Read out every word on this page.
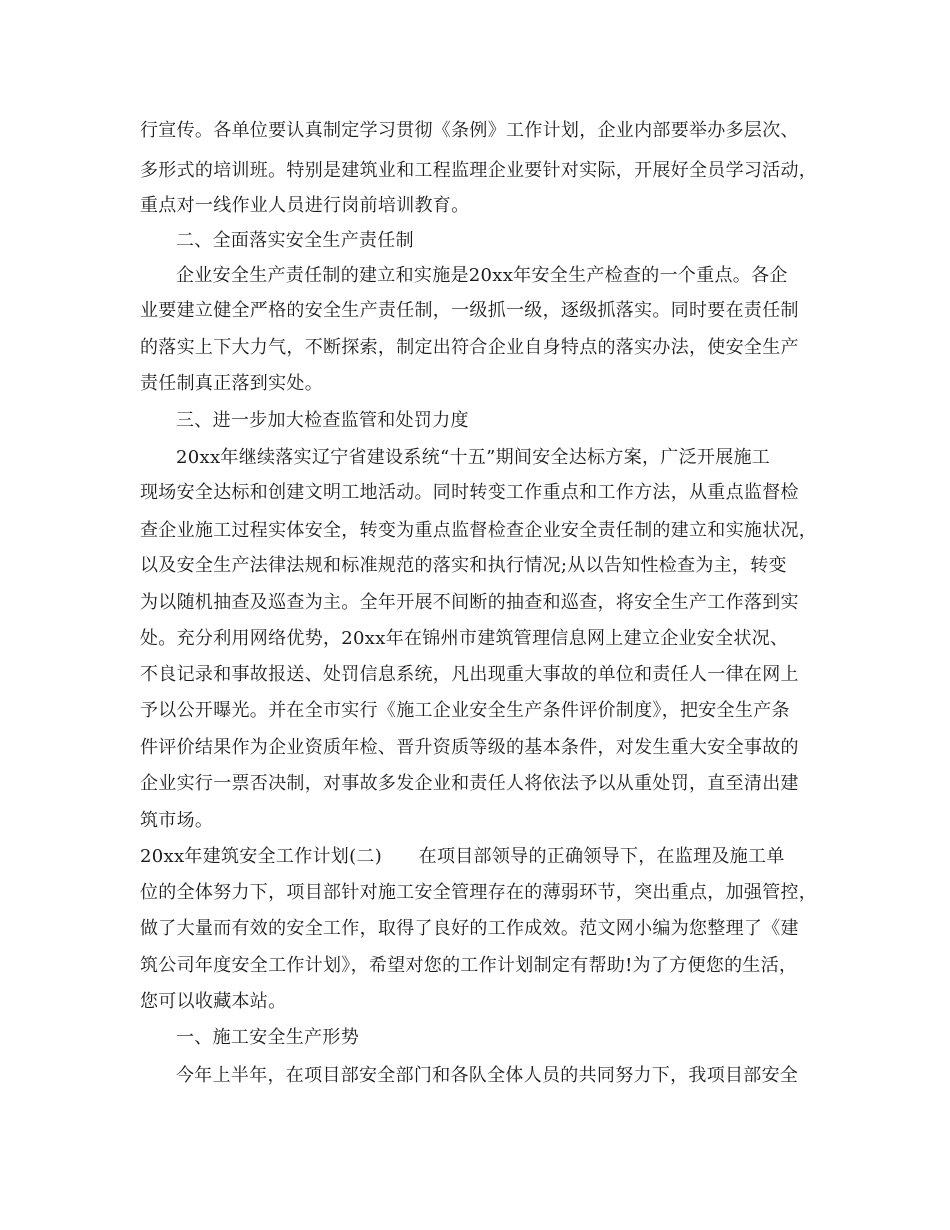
行宣传。各单位要认真制定学习贯彻《条例》工作计划，企业内部要举办多层次、
多形式的培训班。特别是建筑业和工程监理企业要针对实际，开展好全员学习活动，
重点对一线作业人员进行岗前培训教育。
二、全面落实安全生产责任制
企业安全生产责任制的建立和实施是20xx年安全生产检查的一个重点。各企
业要建立健全严格的安全生产责任制，一级抓一级，逐级抓落实。同时要在责任制
的落实上下大力气，不断探索，制定出符合企业自身特点的落实办法，使安全生产
责任制真正落到实处。
三、进一步加大检查监管和处罚力度
20xx年继续落实辽宁省建设系统“十五”期间安全达标方案，广泛开展施工
现场安全达标和创建文明工地活动。同时转变工作重点和工作方法，从重点监督检
查企业施工过程实体安全，转变为重点监督检查企业安全责任制的建立和实施状况，
以及安全生产法律法规和标准规范的落实和执行情况;从以告知性检查为主，转变
为以随机抽查及巡查为主。全年开展不间断的抽查和巡查，将安全生产工作落到实
处。充分利用网络优势，20xx年在锦州市建筑管理信息网上建立企业安全状况、
不良记录和事故报送、处罚信息系统，凡出现重大事故的单位和责任人一律在网上
予以公开曝光。并在全市实行《施工企业安全生产条件评价制度》，把安全生产条
件评价结果作为企业资质年检、晋升资质等级的基本条件，对发生重大安全事故的
企业实行一票否决制，对事故多发企业和责任人将依法予以从重处罚，直至清出建
筑市场。
20xx年建筑安全工作计划(二)　　在项目部领导的正确领导下，在监理及施工单
位的全体努力下，项目部针对施工安全管理存在的薄弱环节，突出重点，加强管控，
做了大量而有效的安全工作，取得了良好的工作成效。范文网小编为您整理了《建
筑公司年度安全工作计划》，希望对您的工作计划制定有帮助!为了方便您的生活，
您可以收藏本站。
一、施工安全生产形势
今年上半年，在项目部安全部门和各队全体人员的共同努力下，我项目部安全
